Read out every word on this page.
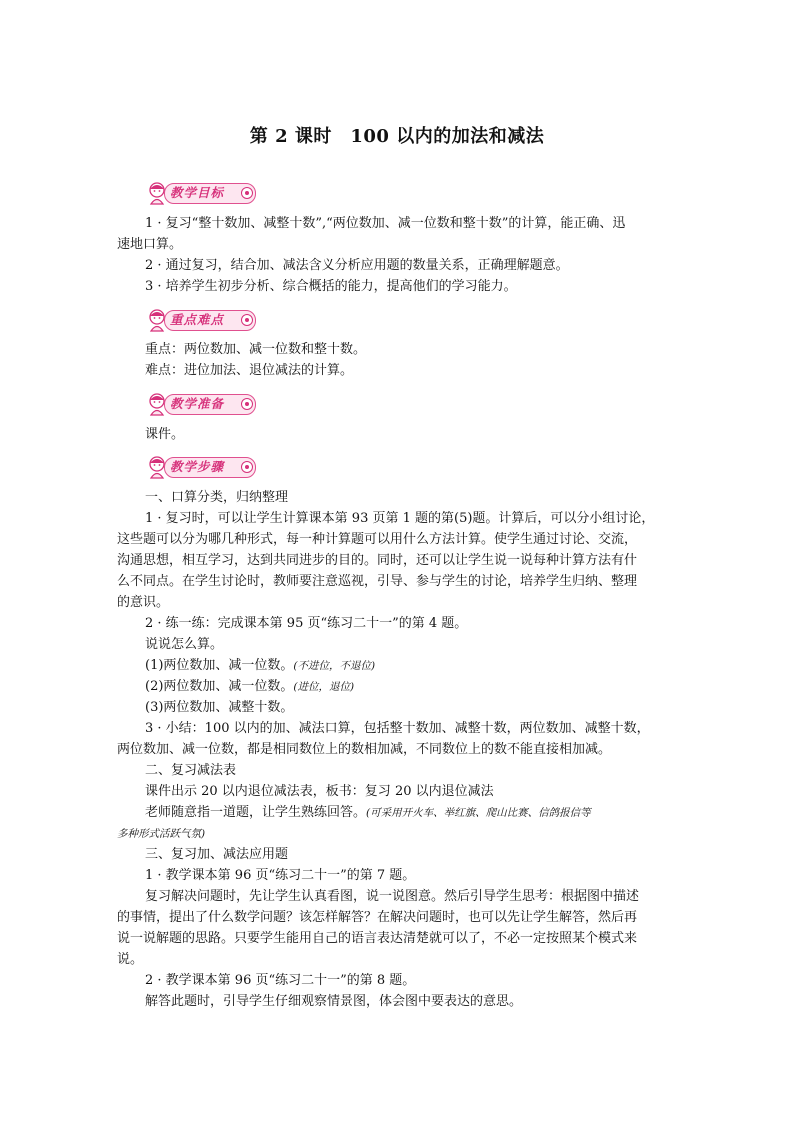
第 2 课时　100 以内的加法和减法
教学目标
1 · 复习“整十数加、减整十数”,“两位数加、减一位数和整十数”的计算，能正确、迅
速地口算。
2 · 通过复习，结合加、减法含义分析应用题的数量关系，正确理解题意。
3 · 培养学生初步分析、综合概括的能力，提高他们的学习能力。
重点难点
重点：两位数加、减一位数和整十数。
难点：进位加法、退位减法的计算。
教学准备
课件。
教学步骤
一、口算分类，归纳整理
1 · 复习时，可以让学生计算课本第 93 页第 1 题的第(5)题。计算后，可以分小组讨论，
这些题可以分为哪几种形式，每一种计算题可以用什么方法计算。使学生通过讨论、交流，
沟通思想，相互学习，达到共同进步的目的。同时，还可以让学生说一说每种计算方法有什
么不同点。在学生讨论时，教师要注意巡视，引导、参与学生的讨论，培养学生归纳、整理
的意识。
2 · 练一练：完成课本第 95 页“练习二十一”的第 4 题。
说说怎么算。
(1)两位数加、减一位数。(不进位，不退位)
(2)两位数加、减一位数。(进位，退位)
(3)两位数加、减整十数。
3 · 小结：100 以内的加、减法口算，包括整十数加、减整十数，两位数加、减整十数，
两位数加、减一位数，都是相同数位上的数相加减，不同数位上的数不能直接相加减。
二、复习减法表
课件出示 20 以内退位减法表，板书：复习 20 以内退位减法
老师随意指一道题，让学生熟练回答。(可采用开火车、举红旗、爬山比赛、信鸽报信等
多种形式活跃气氛)
三、复习加、减法应用题
1 · 教学课本第 96 页“练习二十一”的第 7 题。
复习解决问题时，先让学生认真看图，说一说图意。然后引导学生思考：根据图中描述
的事情，提出了什么数学问题？该怎样解答？在解决问题时，也可以先让学生解答，然后再
说一说解题的思路。只要学生能用自己的语言表达清楚就可以了，不必一定按照某个模式来
说。
2 · 教学课本第 96 页“练习二十一”的第 8 题。
解答此题时，引导学生仔细观察情景图，体会图中要表达的意思。
